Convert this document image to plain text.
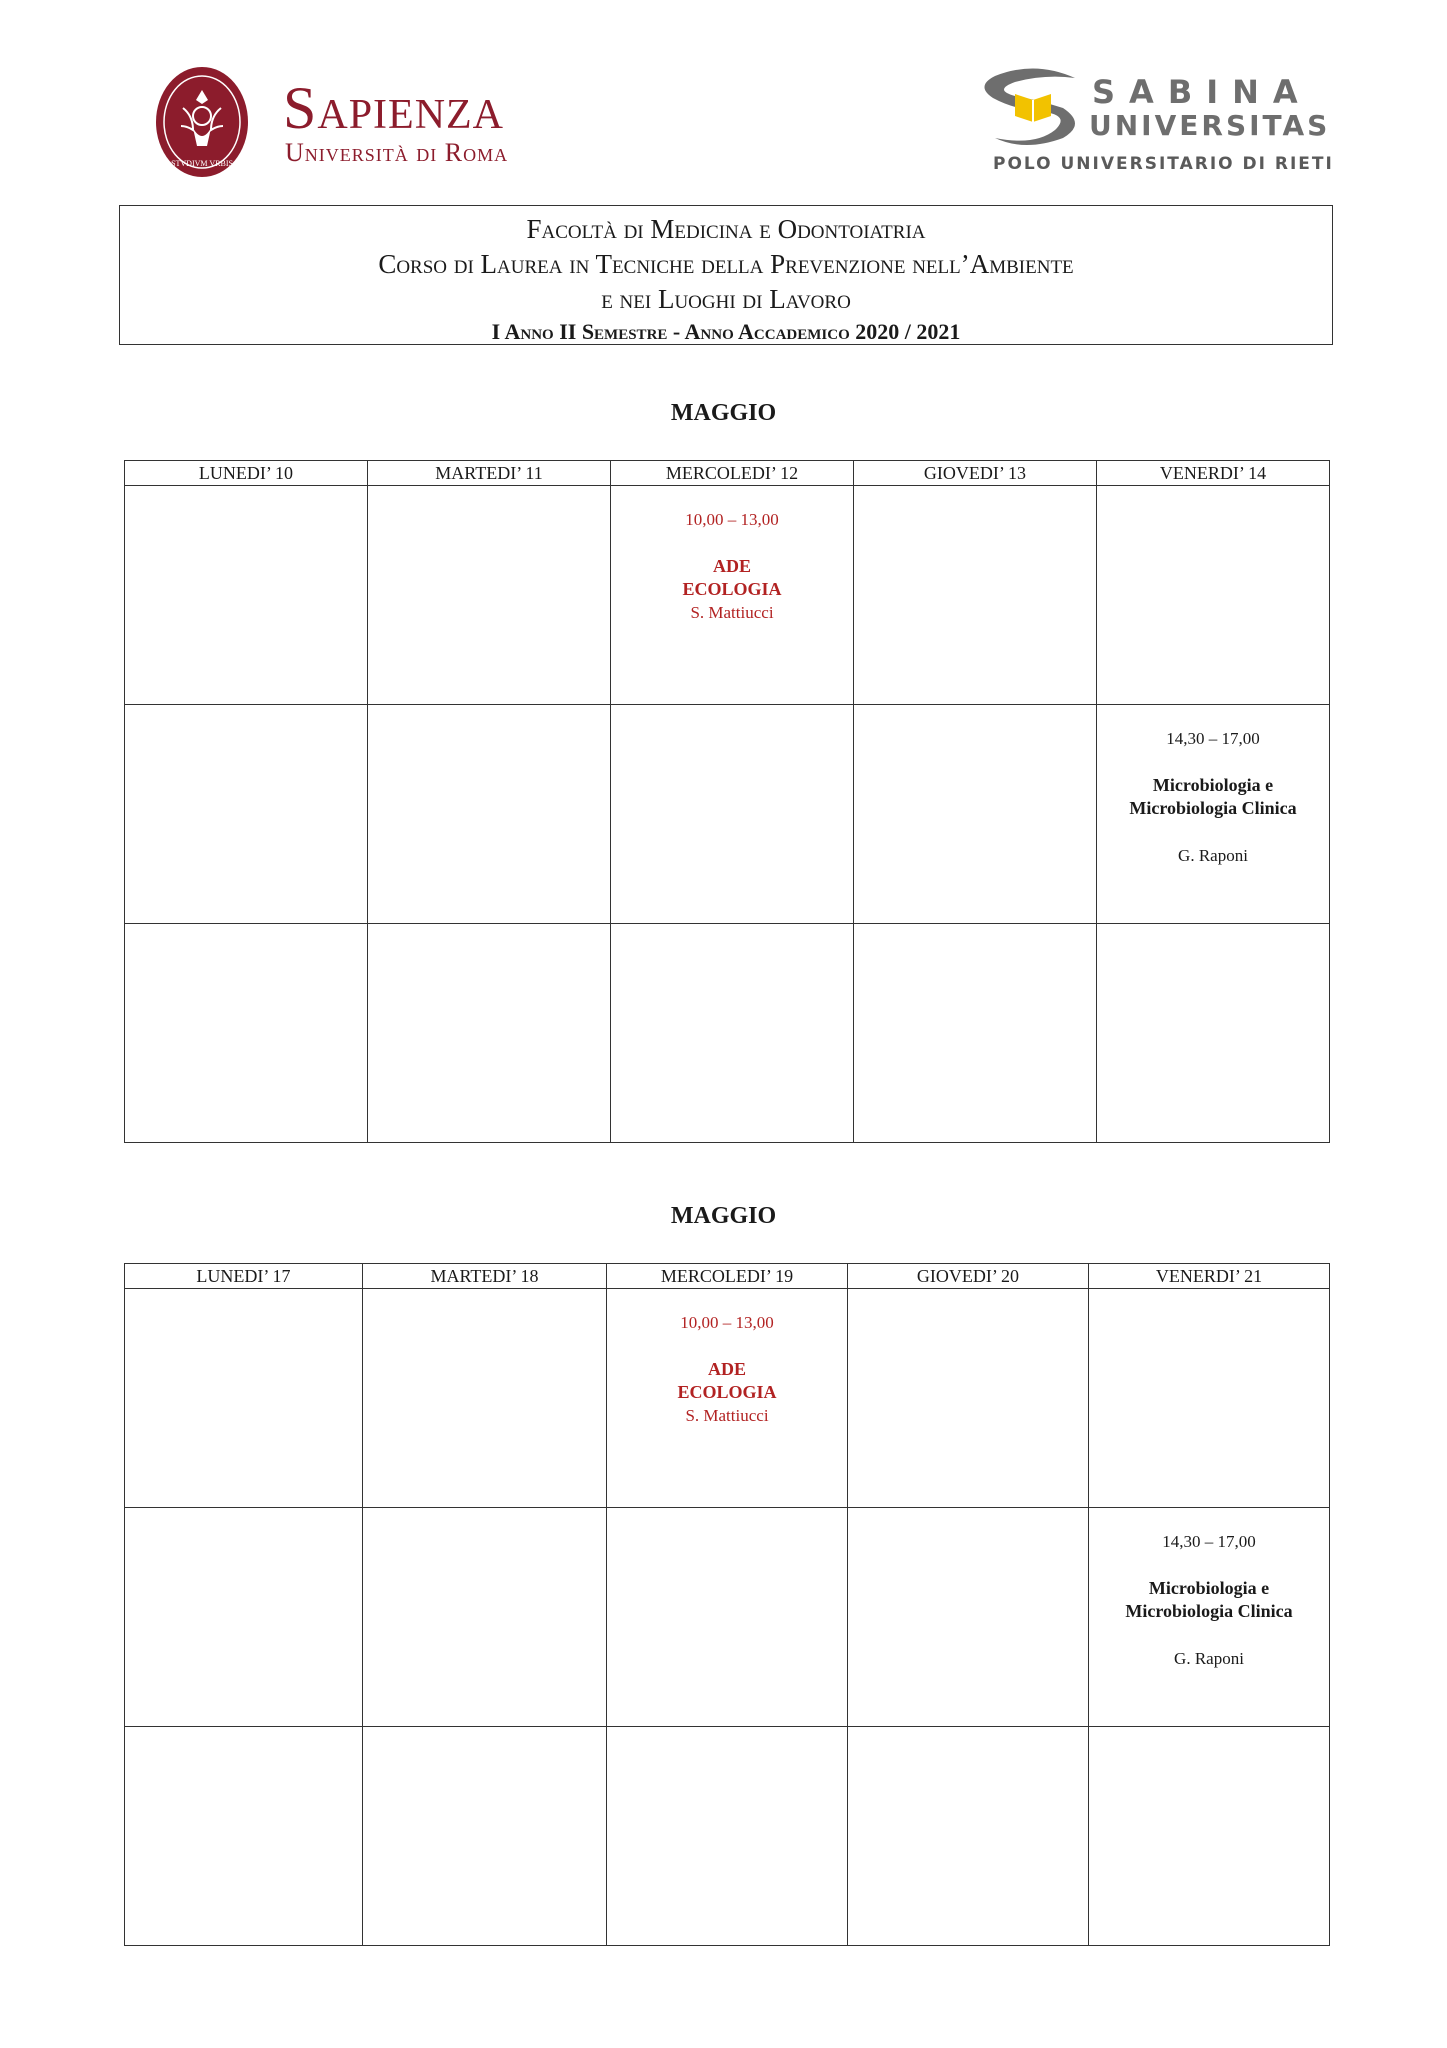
STVDIVM VRBIS
Sapienza
Università di Roma
SABINA
UNIVERSITAS
POLO UNIVERSITARIO DI RIETI
Facoltà di Medicina e Odontoiatria
Corso di Laurea in Tecniche della Prevenzione nell’Ambiente
e nei Luoghi di Lavoro
I Anno II Semestre - Anno Accademico 2020 / 2021
MAGGIO
LUNEDI’ 10	MARTEDI’ 11	MERCOLEDI’ 12	GIOVEDI’ 13	VENERDI’ 14

		10,00 – 13,00
ADE
ECOLOGIA
S. Mattiucci		

				14,30 – 17,00
Microbiologia e
Microbiologia Clinica
G. Raponi

MAGGIO
LUNEDI’ 17	MARTEDI’ 18	MERCOLEDI’ 19	GIOVEDI’ 20	VENERDI’ 21

		10,00 – 13,00
ADE
ECOLOGIA
S. Mattiucci		

				14,30 – 17,00
Microbiologia e
Microbiologia Clinica
G. Raponi
